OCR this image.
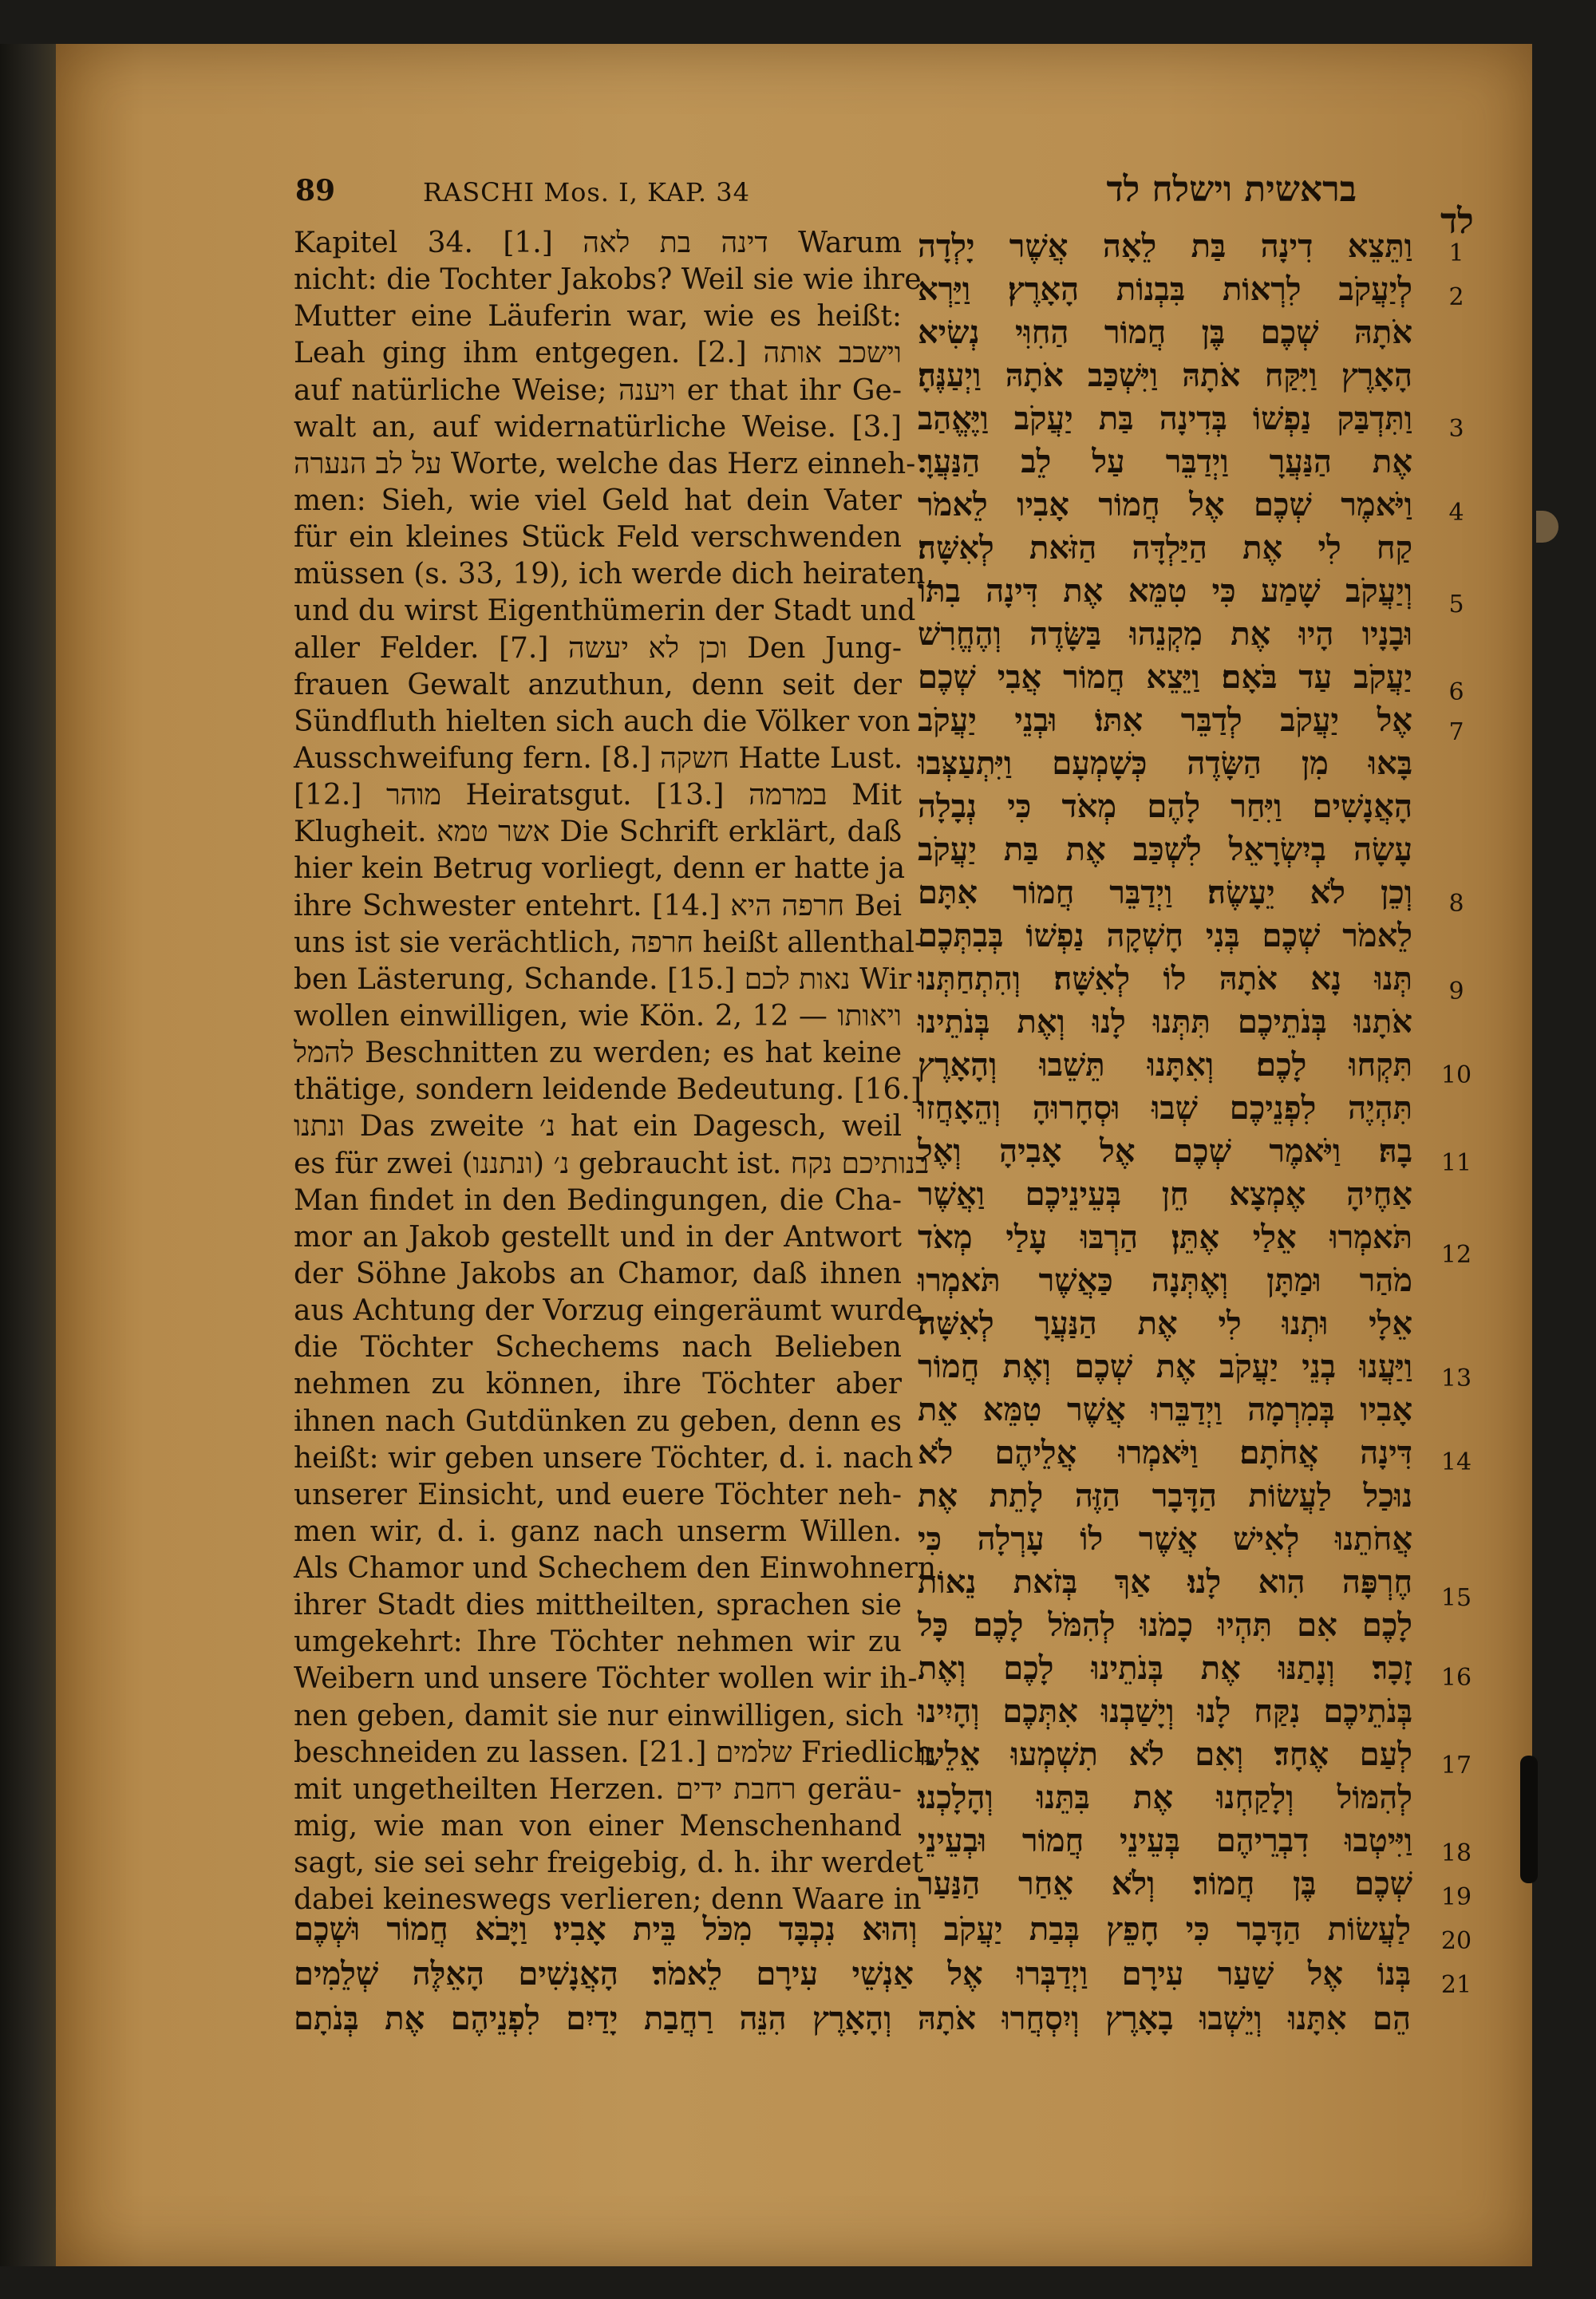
89	RASCHI Mos. I, KAP. 34	בראשית וישלח לד
לד
Kapitel 34. [1.] דינה בת לאה Warum
nicht: die Tochter Jakobs? Weil sie wie ihre
Mutter eine Läuferin war, wie es heißt:
Leah ging ihm entgegen. [2.] וישכב אותה
auf natürliche Weise; ויענה er that ihr Ge-
walt an, auf widernatürliche Weise. [3.]
על לב הנערה Worte, welche das Herz einneh-
men: Sieh, wie viel Geld hat dein Vater
für ein kleines Stück Feld verschwenden
müssen (s. 33, 19), ich werde dich heiraten,
und du wirst Eigenthümerin der Stadt und
aller Felder. [7.] וכן לא יעשה Den Jung-
frauen Gewalt anzuthun, denn seit der
Sündfluth hielten sich auch die Völker von
Ausschweifung fern. [8.] חשקה Hatte Lust.
[12.] מוהר Heiratsgut. [13.] במרמה Mit
Klugheit. אשר טמא Die Schrift erklärt, daß
hier kein Betrug vorliegt, denn er hatte ja
ihre Schwester entehrt. [14.] חרפה היא Bei
uns ist sie verächtlich, חרפה heißt allenthal-
ben Lästerung, Schande. [15.] נאות לכם Wir
wollen einwilligen, wie Kön. 2, 12 — ויאותו
להמל Beschnitten zu werden; es hat keine
thätige, sondern leidende Bedeutung. [16.]
ונתנו Das zweite נ׳ hat ein Dagesch, weil
es für zwei נ׳ (ונתננו) gebraucht ist. בנותיכם נקח
Man findet in den Bedingungen, die Cha-
mor an Jakob gestellt und in der Antwort
der Söhne Jakobs an Chamor, daß ihnen
aus Achtung der Vorzug eingeräumt wurde,
die Töchter Schechems nach Belieben
nehmen zu können, ihre Töchter aber
ihnen nach Gutdünken zu geben, denn es
heißt: wir geben unsere Töchter, d. i. nach
unserer Einsicht, und euere Töchter neh-
men wir, d. i. ganz nach unserm Willen.
Als Chamor und Schechem den Einwohnern
ihrer Stadt dies mittheilten, sprachen sie
umgekehrt: Ihre Töchter nehmen wir zu
Weibern und unsere Töchter wollen wir ih-
nen geben, damit sie nur einwilligen, sich
beschneiden zu lassen. [21.] שלמים Friedlich,
mit ungetheilten Herzen. רחבת ידים geräu-
mig, wie man von einer Menschenhand
sagt, sie sei sehr freigebig, d. h. ihr werdet
dabei keineswegs verlieren; denn Waare in
וַתֵּצֵא דִינָה בַּת לֵאָה אֲשֶׁר יָלְדָה
לְיַעֲקֹב לִרְאוֹת בִּבְנוֹת הָאָרֶץ׃ וַיַּרְא
אֹתָהּ שְׁכֶם בֶּן חֲמוֹר הַחִוִּי נְשִׂיא
הָאָרֶץ וַיִּקַּח אֹתָהּ וַיִּשְׁכַּב אֹתָהּ וַיְעַנֶּהָ׃
וַתִּדְבַּק נַפְשׁוֹ בְּדִינָה בַּת יַעֲקֹב וַיֶּאֱהַב
אֶת הַנַּעֲרָ וַיְדַבֵּר עַל לֵב הַנַּעֲרָ׃
וַיֹּאמֶר שְׁכֶם אֶל חֲמוֹר אָבִיו לֵאמֹר
קַח לִי אֶת הַיַּלְדָּה הַזֹּאת לְאִשָּׁה׃
וְיַעֲקֹב שָׁמַע כִּי טִמֵּא אֶת דִּינָה בִתּוֹ
וּבָנָיו הָיוּ אֶת מִקְנֵהוּ בַּשָּׂדֶה וְהֶחֱרִשׁ
יַעֲקֹב עַד בֹּאָם׃ וַיֵּצֵא חֲמוֹר אֲבִי שְׁכֶם
אֶל יַעֲקֹב לְדַבֵּר אִתּוֹ׃ וּבְנֵי יַעֲקֹב
בָּאוּ מִן הַשָּׂדֶה כְּשָׁמְעָם וַיִּתְעַצְּבוּ
הָאֲנָשִׁים וַיִּחַר לָהֶם מְאֹד כִּי נְבָלָה
עָשָׂה בְיִשְׂרָאֵל לִשְׁכַּב אֶת בַּת יַעֲקֹב
וְכֵן לֹא יֵעָשֶׂה׃ וַיְדַבֵּר חֲמוֹר אִתָּם
לֵאמֹר שְׁכֶם בְּנִי חָשְׁקָה נַפְשׁוֹ בְּבִתְּכֶם
תְּנוּ נָא אֹתָהּ לוֹ לְאִשָּׁה׃ וְהִתְחַתְּנוּ
אֹתָנוּ בְּנֹתֵיכֶם תִּתְּנוּ לָנוּ וְאֶת בְּנֹתֵינוּ
תִּקְחוּ לָכֶם׃ וְאִתָּנוּ תֵּשֵׁבוּ וְהָאָרֶץ
תִּהְיֶה לִפְנֵיכֶם שְׁבוּ וּסְחָרוּהָ וְהֵאָחֲזוּ
בָהּ׃ וַיֹּאמֶר שְׁכֶם אֶל אָבִיהָ וְאֶל
אַחֶיהָ אֶמְצָא חֵן בְּעֵינֵיכֶם וַאֲשֶׁר
תֹּאמְרוּ אֵלַי אֶתֵּן׃ הַרְבּוּ עָלַי מְאֹד
מֹהַר וּמַתָּן וְאֶתְּנָה כַּאֲשֶׁר תֹּאמְרוּ
אֵלָי וּתְנוּ לִי אֶת הַנַּעֲרָ לְאִשָּׁה׃
וַיַּעֲנוּ בְנֵי יַעֲקֹב אֶת שְׁכֶם וְאֶת חֲמוֹר
אָבִיו בְּמִרְמָה וַיְדַבֵּרוּ אֲשֶׁר טִמֵּא אֵת
דִּינָה אֲחֹתָם׃ וַיֹּאמְרוּ אֲלֵיהֶם לֹא
נוּכַל לַעֲשׂוֹת הַדָּבָר הַזֶּה לָתֵת אֶת
אֲחֹתֵנוּ לְאִישׁ אֲשֶׁר לוֹ עָרְלָה כִּי
חֶרְפָּה הִוא לָנוּ׃ אַךְ בְּזֹאת נֵאוֹת
לָכֶם אִם תִּהְיוּ כָמֹנוּ לְהִמֹּל לָכֶם כָּל
זָכָר׃ וְנָתַנּוּ אֶת בְּנֹתֵינוּ לָכֶם וְאֶת
בְּנֹתֵיכֶם נִקַּח לָנוּ וְיָשַׁבְנוּ אִתְּכֶם וְהָיִינוּ
לְעַם אֶחָד׃ וְאִם לֹא תִשְׁמְעוּ אֵלֵינוּ
לְהִמּוֹל וְלָקַחְנוּ אֶת בִּתֵּנוּ וְהָלָכְנוּ׃
וַיִּיטְבוּ דִבְרֵיהֶם בְּעֵינֵי חֲמוֹר וּבְעֵינֵי
שְׁכֶם בֶּן חֲמוֹר׃ וְלֹא אֵחַר הַנַּעַר
לַעֲשׂוֹת הַדָּבָר כִּי חָפֵץ בְּבַת יַעֲקֹב וְהוּא נִכְבָּד מִכֹּל בֵּית אָבִיו׃ וַיָּבֹא חֲמוֹר וּשְׁכֶם
בְּנוֹ אֶל שַׁעַר עִירָם וַיְדַבְּרוּ אֶל אַנְשֵׁי עִירָם לֵאמֹר׃ הָאֲנָשִׁים הָאֵלֶּה שְׁלֵמִים
הֵם אִתָּנוּ וְיֵשְׁבוּ בָאָרֶץ וְיִסְחֲרוּ אֹתָהּ וְהָאָרֶץ הִנֵּה רַחֲבַת יָדַיִם לִפְנֵיהֶם אֶת בְּנֹתָם
1
2
3
4
5
6
7
8
9
10
11
12
13
14
15
16
17
18
19
20
21
